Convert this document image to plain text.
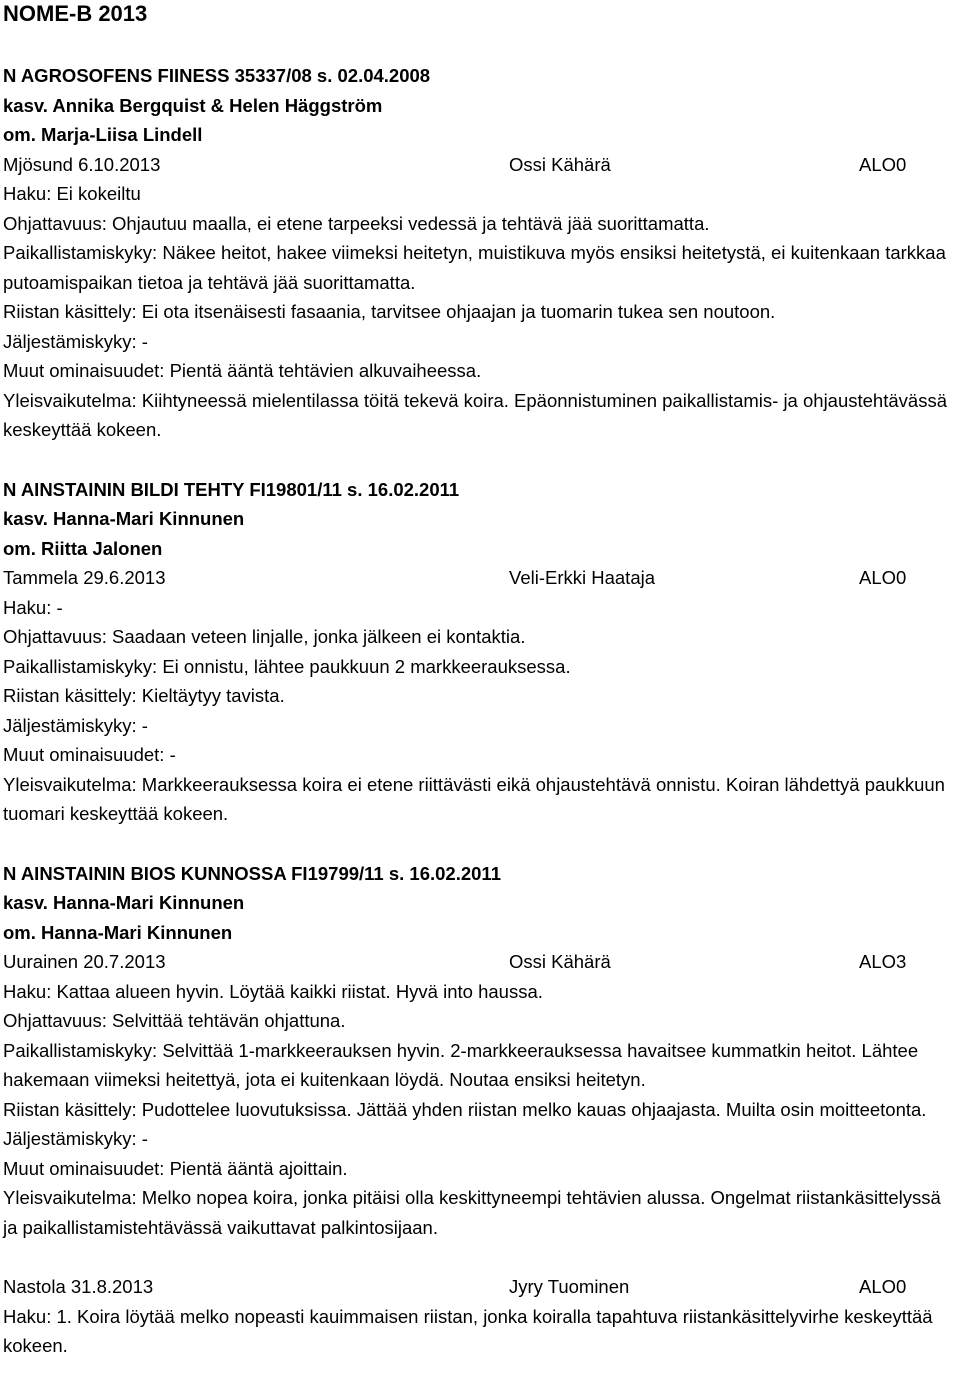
NOME-B 2013
N AGROSOFENS FIINESS 35337/08 s. 02.04.2008
kasv. Annika Bergquist & Helen Häggström
om. Marja-Liisa Lindell
Mjösund 6.10.2013	Ossi Kähärä	ALO0
Haku: Ei kokeiltu
Ohjattavuus: Ohjautuu maalla, ei etene tarpeeksi vedessä ja tehtävä jää suorittamatta.
Paikallistamiskyky: Näkee heitot, hakee viimeksi heitetyn, muistikuva myös ensiksi heitetystä, ei kuitenkaan tarkkaa putoamispaikan tietoa ja tehtävä jää suorittamatta.
Riistan käsittely: Ei ota itsenäisesti fasaania, tarvitsee ohjaajan ja tuomarin tukea sen noutoon.
Jäljestämiskyky: -
Muut ominaisuudet: Pientä ääntä tehtävien alkuvaiheessa.
Yleisvaikutelma: Kiihtyneessä mielentilassa töitä tekevä koira. Epäonnistuminen paikallistamis- ja ohjaustehtävässä keskeyttää kokeen.
N AINSTAININ BILDI TEHTY FI19801/11 s. 16.02.2011
kasv. Hanna-Mari Kinnunen
om. Riitta Jalonen
Tammela 29.6.2013	Veli-Erkki Haataja	ALO0
Haku: -
Ohjattavuus: Saadaan veteen linjalle, jonka jälkeen ei kontaktia.
Paikallistamiskyky: Ei onnistu, lähtee paukkuun 2 markkeerauksessa.
Riistan käsittely: Kieltäytyy tavista.
Jäljestämiskyky: -
Muut ominaisuudet: -
Yleisvaikutelma: Markkeerauksessa koira ei etene riittävästi eikä ohjaustehtävä onnistu. Koiran lähdettyä paukkuun tuomari keskeyttää kokeen.
N AINSTAININ BIOS KUNNOSSA FI19799/11 s. 16.02.2011
kasv. Hanna-Mari Kinnunen
om. Hanna-Mari Kinnunen
Uurainen 20.7.2013	Ossi Kähärä	ALO3
Haku: Kattaa alueen hyvin. Löytää kaikki riistat. Hyvä into haussa.
Ohjattavuus: Selvittää tehtävän ohjattuna.
Paikallistamiskyky: Selvittää 1-markkeerauksen hyvin. 2-markkeerauksessa havaitsee kummatkin heitot. Lähtee hakemaan viimeksi heitettyä, jota ei kuitenkaan löydä. Noutaa ensiksi heitetyn.
Riistan käsittely: Pudottelee luovutuksissa. Jättää yhden riistan melko kauas ohjaajasta. Muilta osin moitteetonta.
Jäljestämiskyky: -
Muut ominaisuudet: Pientä ääntä ajoittain.
Yleisvaikutelma: Melko nopea koira, jonka pitäisi olla keskittyneempi tehtävien alussa. Ongelmat riistankäsittelyssä ja paikallistamistehtävässä vaikuttavat palkintosijaan.
Nastola 31.8.2013	Jyry Tuominen	ALO0
Haku: 1. Koira löytää melko nopeasti kauimmaisen riistan, jonka koiralla tapahtuva riistankäsittelyvirhe keskeyttää kokeen.
